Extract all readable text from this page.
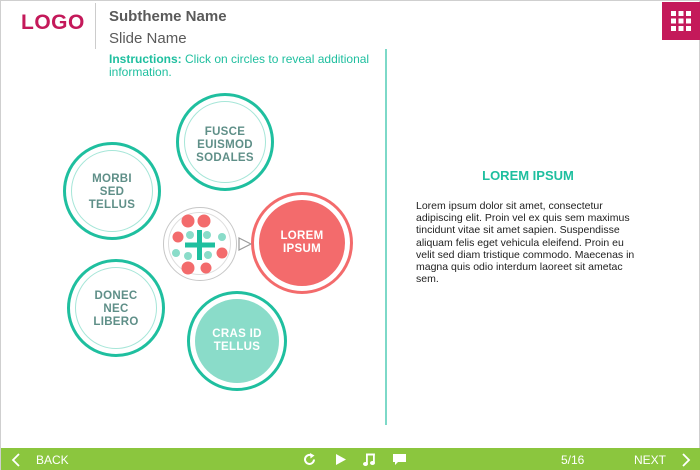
LOGO Subtheme Name
Slide Name
Instructions: Click on circles to reveal additional information.
FUSCE
EUISMOD
SODALES
MORBI
SED
TELLUS
LOREM
IPSUM
DONEC
NEC
LIBERO
CRAS ID
TELLUS
LOREM IPSUM
Lorem ipsum dolor sit amet, consectetur adipiscing elit. Proin vel ex quis sem maximus tincidunt vitae sit amet sapien. Suspendisse aliquam felis eget vehicula eleifend. Proin eu velit sed diam tristique commodo. Maecenas in magna quis odio interdum laoreet sit ametac sem.
BACK	5/16	NEXT
